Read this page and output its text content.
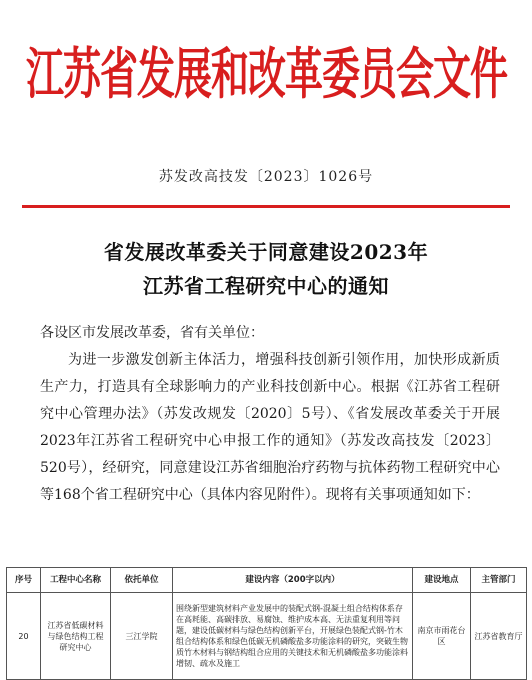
江苏省发展和改革委员会文件
苏发改高技发〔2023〕1026号
省发展改革委关于同意建设2023年
江苏省工程研究中心的通知
各设区市发展改革委，省有关单位：
为进一步激发创新主体活力，增强科技创新引领作用，加快形成新质生产力，打造具有全球影响力的产业科技创新中心。根据《江苏省工程研究中心管理办法》（苏发改规发〔2020〕5号）、《省发展改革委关于开展2023年江苏省工程研究中心申报工作的通知》（苏发改高技发〔2023〕520号），经研究，同意建设江苏省细胞治疗药物与抗体药物工程研究中心等168个省工程研究中心（具体内容见附件）。现将有关事项通知如下：
序号	工程中心名称	依托单位	建设内容（200字以内）	建设地点	主管部门
20	江苏省低碳材料与绿色结构工程研究中心	三江学院	围绕新型建筑材料产业发展中的装配式钢-混凝土组合结构体系存在高耗能、高碳排放、易腐蚀、维护成本高、无法重复利用等问题，建设低碳材料与绿色结构创新平台，开展绿色装配式钢-竹木组合结构体系和绿色低碳无机磷酸盐多功能涂料的研究，突破生物质竹木材料与钢结构组合应用的关键技术和无机磷酸盐多功能涂料增韧、疏水及施工	南京市雨花台区	江苏省教育厅
